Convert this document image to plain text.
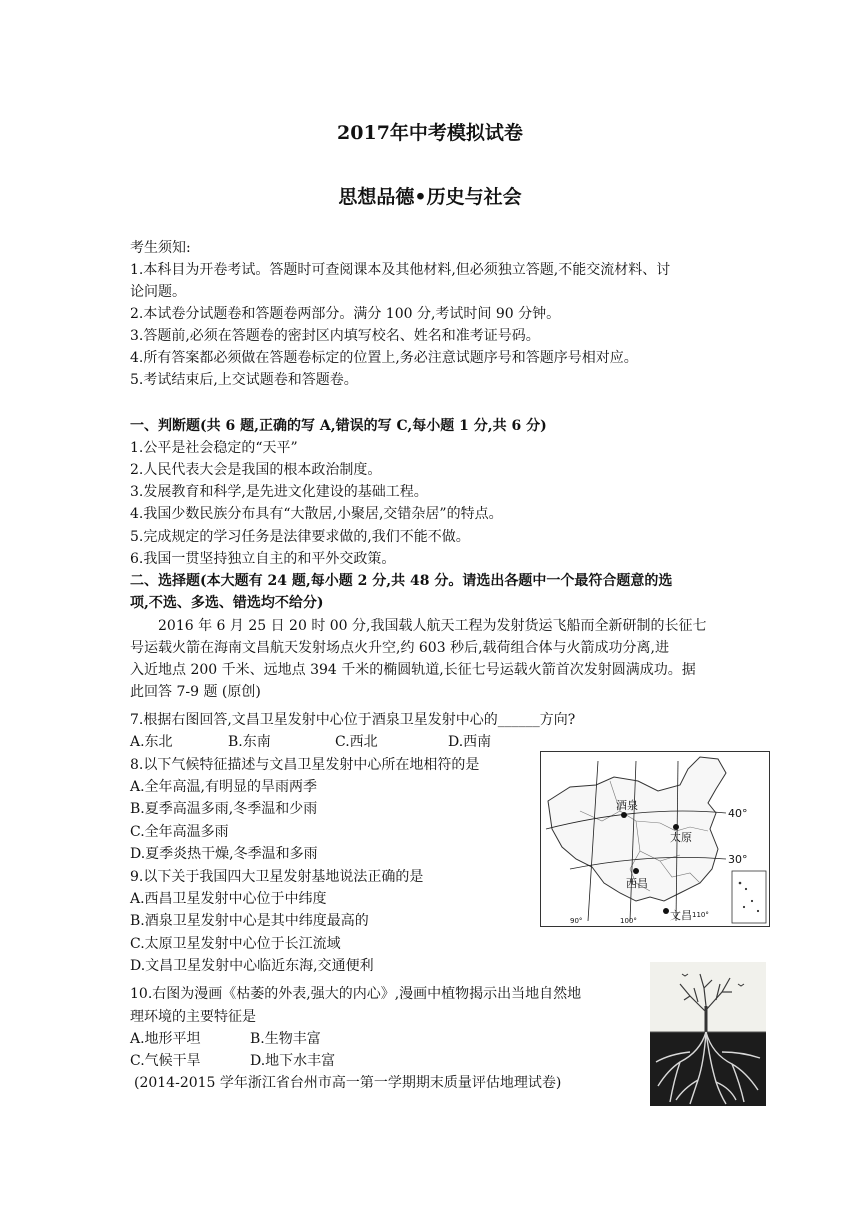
2017年中考模拟试卷
思想品德•历史与社会
考生须知:
1.本科目为开卷考试。答题时可查阅课本及其他材料,但必须独立答题,不能交流材料、讨
论问题。
2.本试卷分试题卷和答题卷两部分。满分 100 分,考试时间 90 分钟。
3.答题前,必须在答题卷的密封区内填写校名、姓名和准考证号码。
4.所有答案都必须做在答题卷标定的位置上,务必注意试题序号和答题序号相对应。
5.考试结束后,上交试题卷和答题卷。
一、判断题(共 6 题,正确的写 A,错误的写 C,每小题 1 分,共 6 分)
1.公平是社会稳定的“天平”
2.人民代表大会是我国的根本政治制度。
3.发展教育和科学,是先进文化建设的基础工程。
4.我国少数民族分布具有“大散居,小聚居,交错杂居”的特点。
5.完成规定的学习任务是法律要求做的,我们不能不做。
6.我国一贯坚持独立自主的和平外交政策。
二、选择题(本大题有 24 题,每小题 2 分,共 48 分。请选出各题中一个最符合题意的选
项,不选、多选、错选均不给分)
2016 年 6 月 25 日 20 时 00 分,我国载人航天工程为发射货运飞船而全新研制的长征七
号运载火箭在海南文昌航天发射场点火升空,约 603 秒后,载荷组合体与火箭成功分离,进
入近地点 200 千米、远地点 394 千米的椭圆轨道,长征七号运载火箭首次发射圆满成功。据
此回答 7-9 题 (原创)
7.根据右图回答,文昌卫星发射中心位于酒泉卫星发射中心的______方向?
A.东北	B.东南	C.西北	D.西南
8.以下气候特征描述与文昌卫星发射中心所在地相符的是
A.全年高温,有明显的旱雨两季
B.夏季高温多雨,冬季温和少雨
C.全年高温多雨
D.夏季炎热干燥,冬季温和多雨
9.以下关于我国四大卫星发射基地说法正确的是
A.西昌卫星发射中心位于中纬度
B.酒泉卫星发射中心是其中纬度最高的
C.太原卫星发射中心位于长江流域
D.文昌卫星发射中心临近东海,交通便利
10.右图为漫画《枯萎的外表,强大的内心》,漫画中植物揭示出当地自然地
理环境的主要特征是
A.地形平坦	B.生物丰富
C.气候干旱	D.地下水丰富
(2014-2015 学年浙江省台州市高一第一学期期末质量评估地理试卷)
酒泉
太原
西昌
文昌
40°
30°
90°	100°
110°
